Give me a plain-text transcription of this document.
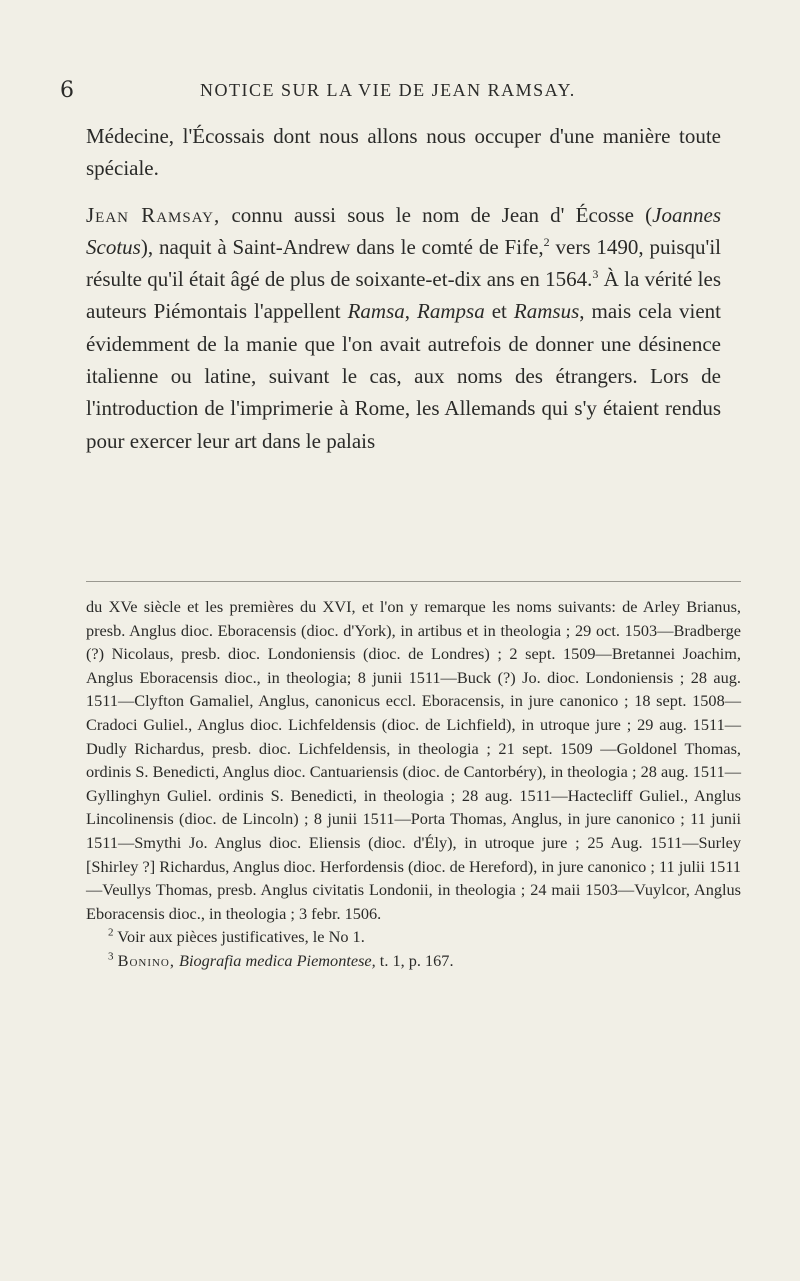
6	NOTICE SUR LA VIE DE JEAN RAMSAY.

Médecine, l'Écossais dont nous allons nous occuper d'une manière toute spéciale.

Jean Ramsay, connu aussi sous le nom de Jean d' Écosse (Joannes Scotus), naquit à Saint-Andrew dans le comté de Fife,$^2$ vers 1490, puisqu'il résulte qu'il était âgé de plus de soixante-et-dix ans en 1564.$^3$ À la vérité les auteurs Piémontais l'appellent Ramsa, Rampsa et Ramsus, mais cela vient évidemment de la manie que l'on avait autrefois de donner une désinence italienne ou latine, suivant le cas, aux noms des étrangers. Lors de l'introduction de l'imprimerie à Rome, les Allemands qui s'y étaient rendus pour exercer leur art dans le palais

du XVe siècle et les premières du XVI, et l'on y remarque les noms suivants: de Arley Brianus, presb. Anglus dioc. Eboracensis (dioc. d'York), in artibus et in theologia ; 29 oct. 1503—Bradberge (?) Nicolaus, presb. dioc. Londoniensis (dioc. de Londres) ; 2 sept. 1509—Bretannei Joachim, Anglus Eboracensis dioc., in theologia; 8 junii 1511—Buck (?) Jo. dioc. Londoniensis ; 28 aug. 1511—Clyfton Gamaliel, Anglus, canonicus eccl. Eboracensis, in jure canonico ; 18 sept. 1508—Cradoci Guliel., Anglus dioc. Lichfeldensis (dioc. de Lichfield), in utroque jure ; 29 aug. 1511—Dudly Richardus, presb. dioc. Lichfeldensis, in theologia ; 21 sept. 1509 —Goldonel Thomas, ordinis S. Benedicti, Anglus dioc. Cantuariensis (dioc. de Cantorbéry), in theologia ; 28 aug. 1511—Gyllinghyn Guliel. ordinis S. Benedicti, in theologia ; 28 aug. 1511—Hactecliff Guliel., Anglus Lincolinensis (dioc. de Lincoln) ; 8 junii 1511—Porta Thomas, Anglus, in jure canonico ; 11 junii 1511—Smythi Jo. Anglus dioc. Eliensis (dioc. d'Ély), in utroque jure ; 25 Aug. 1511—Surley [Shirley ?] Richardus, Anglus dioc. Herfordensis (dioc. de Hereford), in jure canonico ; 11 julii 1511—Veullys Thomas, presb. Anglus civitatis Londonii, in theologia ; 24 maii 1503—Vuylcor, Anglus Eboracensis dioc., in theologia ; 3 febr. 1506.

$^2$ Voir aux pièces justificatives, le No 1.

$^3$ Bonino, Biografia medica Piemontese, t. 1, p. 167.
